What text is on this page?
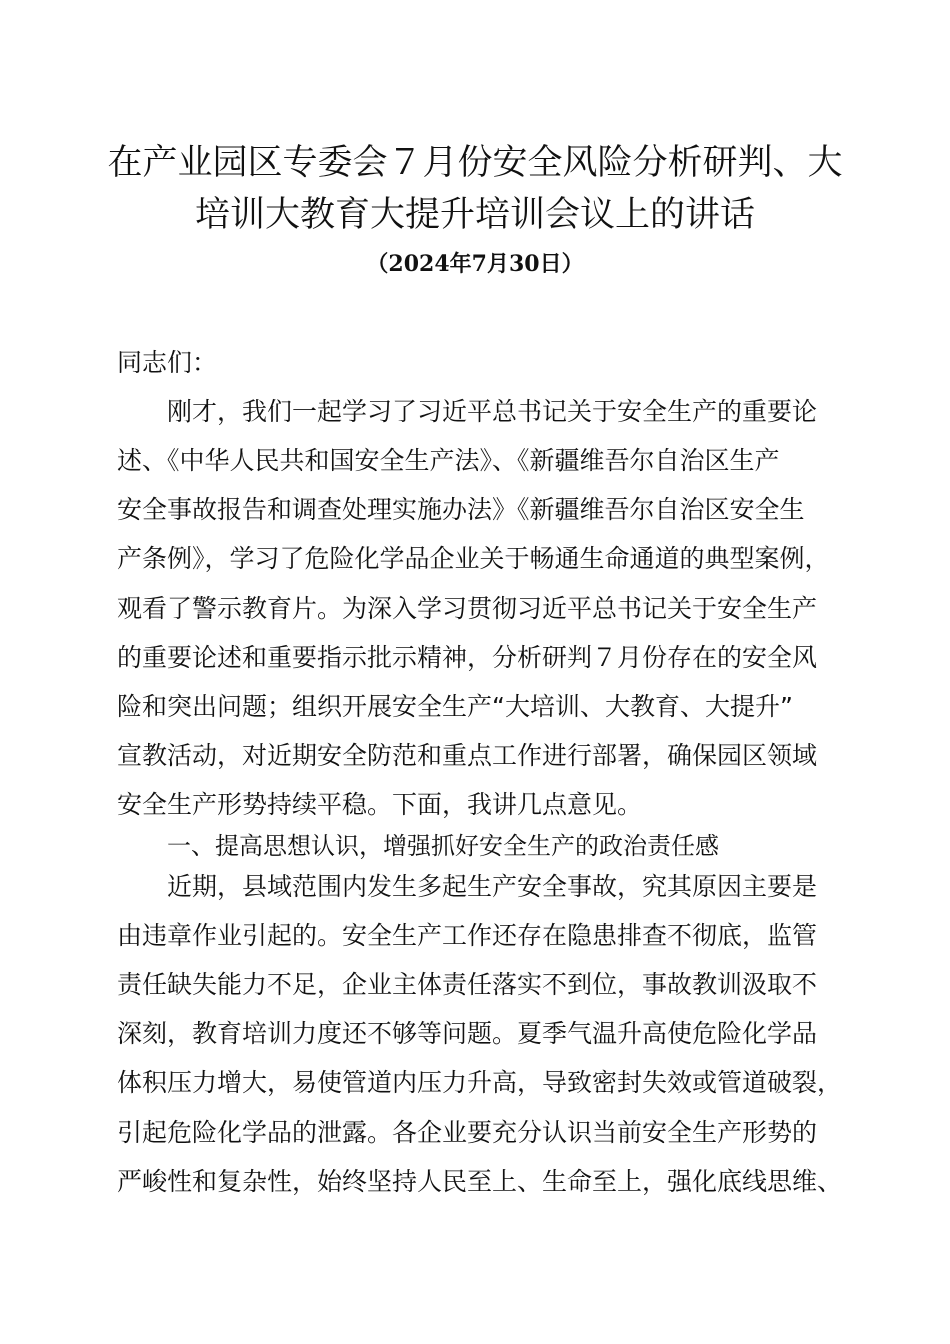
在产业园区专委会７月份安全风险分析研判、大
培训大教育大提升培训会议上的讲话
（2024年7月30日）
同志们：
刚才，我们一起学习了习近平总书记关于安全生产的重要论
述、《中华人民共和国安全生产法》、《新疆维吾尔自治区生产
安全事故报告和调查处理实施办法》《新疆维吾尔自治区安全生
产条例》，学习了危险化学品企业关于畅通生命通道的典型案例，
观看了警示教育片。为深入学习贯彻习近平总书记关于安全生产
的重要论述和重要指示批示精神，分析研判７月份存在的安全风
险和突出问题；组织开展安全生产“大培训、大教育、大提升”
宣教活动，对近期安全防范和重点工作进行部署，确保园区领域
安全生产形势持续平稳。下面，我讲几点意见。
一、提高思想认识，增强抓好安全生产的政治责任感
近期，县域范围内发生多起生产安全事故，究其原因主要是
由违章作业引起的。安全生产工作还存在隐患排查不彻底，监管
责任缺失能力不足，企业主体责任落实不到位，事故教训汲取不
深刻，教育培训力度还不够等问题。夏季气温升高使危险化学品
体积压力增大，易使管道内压力升高，导致密封失效或管道破裂，
引起危险化学品的泄露。各企业要充分认识当前安全生产形势的
严峻性和复杂性，始终坚持人民至上、生命至上，强化底线思维、
